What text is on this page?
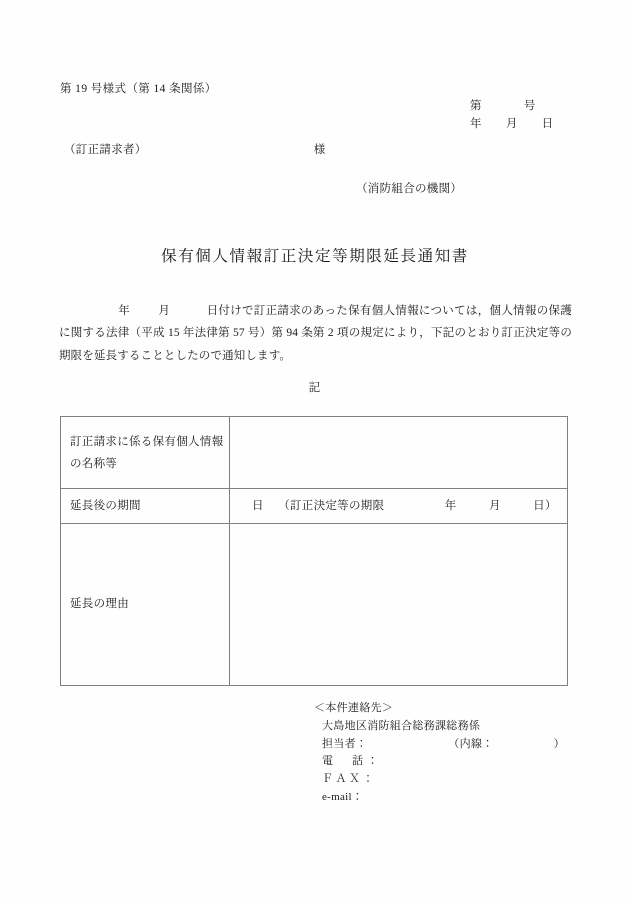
第 19 号様式（第 14 条関係）
第	号
年 月 日
（訂正請求者）	様
（消防組合の機関）
保有個人情報訂正決定等期限延長通知書
年 月	日付けで訂正請求のあった保有個人情報については，個人情報の保護に関する法律（平成 15 年法律第 57 号）第 94 条第 2 項の規定により，下記のとおり訂正決定等の期限を延長することとしたので通知します。
記
訂正請求に係る保有個人情報の名称等	

延長後の期間	日 （訂正決定等の期限 年 月 日）

延長の理由	

＜本件連絡先＞
大島地区消防組合総務課総務係
担当者：	（内線：	）
電　話：
ＦＡＸ：
e-mail：
